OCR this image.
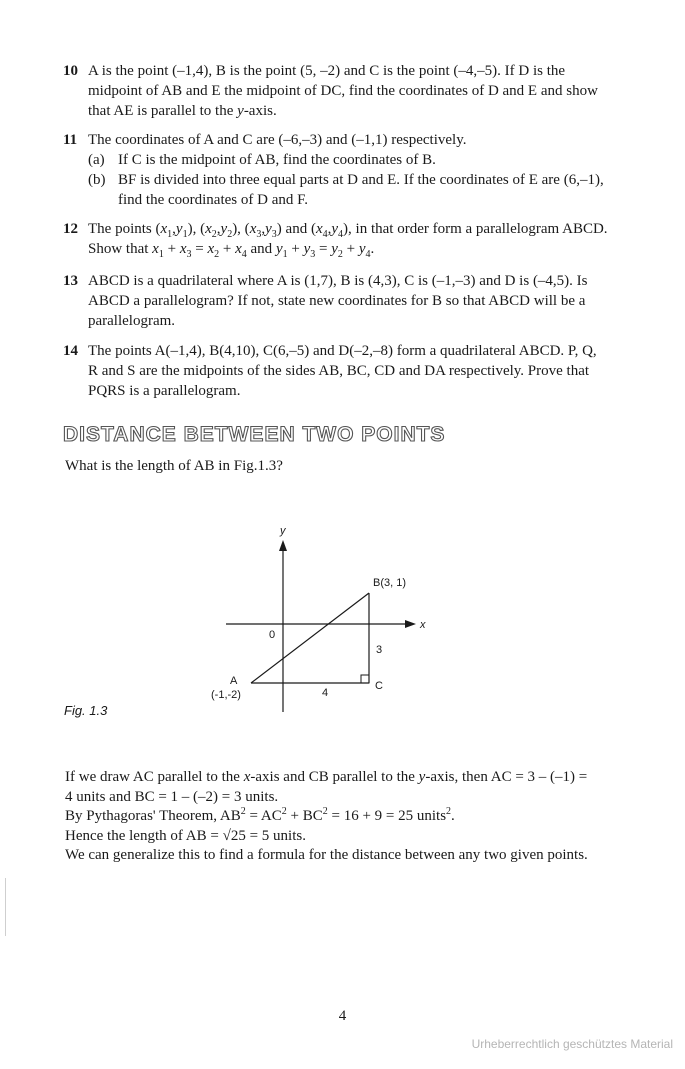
10 A is the point (–1,4), B is the point (5, –2) and C is the point (–4,–5). If D is the
midpoint of AB and E the midpoint of DC, find the coordinates of D and E and show
that AE is parallel to the y-axis.
11 The coordinates of A and C are (–6,–3) and (–1,1) respectively.
(a) If C is the midpoint of AB, find the coordinates of B.
(b) BF is divided into three equal parts at D and E. If the coordinates of E are (6,–1),
find the coordinates of D and F.
12 The points $(x_1,y_1)$, $(x_2,y_2)$, $(x_3,y_3)$ and $(x_4,y_4)$, in that order form a parallelogram ABCD.
Show that $x_1 + x_3 = x_2 + x_4$ and $y_1 + y_3 = y_2 + y_4$.
13 ABCD is a quadrilateral where A is (1,7), B is (4,3), C is (–1,–3) and D is (–4,5). Is
ABCD a parallelogram? If not, state new coordinates for B so that ABCD will be a
parallelogram.
14 The points A(–1,4), B(4,10), C(6,–5) and D(–2,–8) form a quadrilateral ABCD. P, Q,
R and S are the midpoints of the sides AB, BC, CD and DA respectively. Prove that
PQRS is a parallelogram.
DISTANCE BETWEEN TWO POINTS
What is the length of AB in Fig.1.3?
y
x
0
B(3, 1)
A
(-1,-2)
C
3
4
Fig. 1.3
If we draw AC parallel to the x-axis and CB parallel to the y-axis, then AC = 3 – (–1) =
4 units and BC = 1 – (–2) = 3 units.
By Pythagoras' Theorem, $AB^2 = AC^2 + BC^2 = 16 + 9 = 25$ units$^2$.
Hence the length of AB = √25 = 5 units.
We can generalize this to find a formula for the distance between any two given points.
4
Urheberrechtlich geschütztes Material
